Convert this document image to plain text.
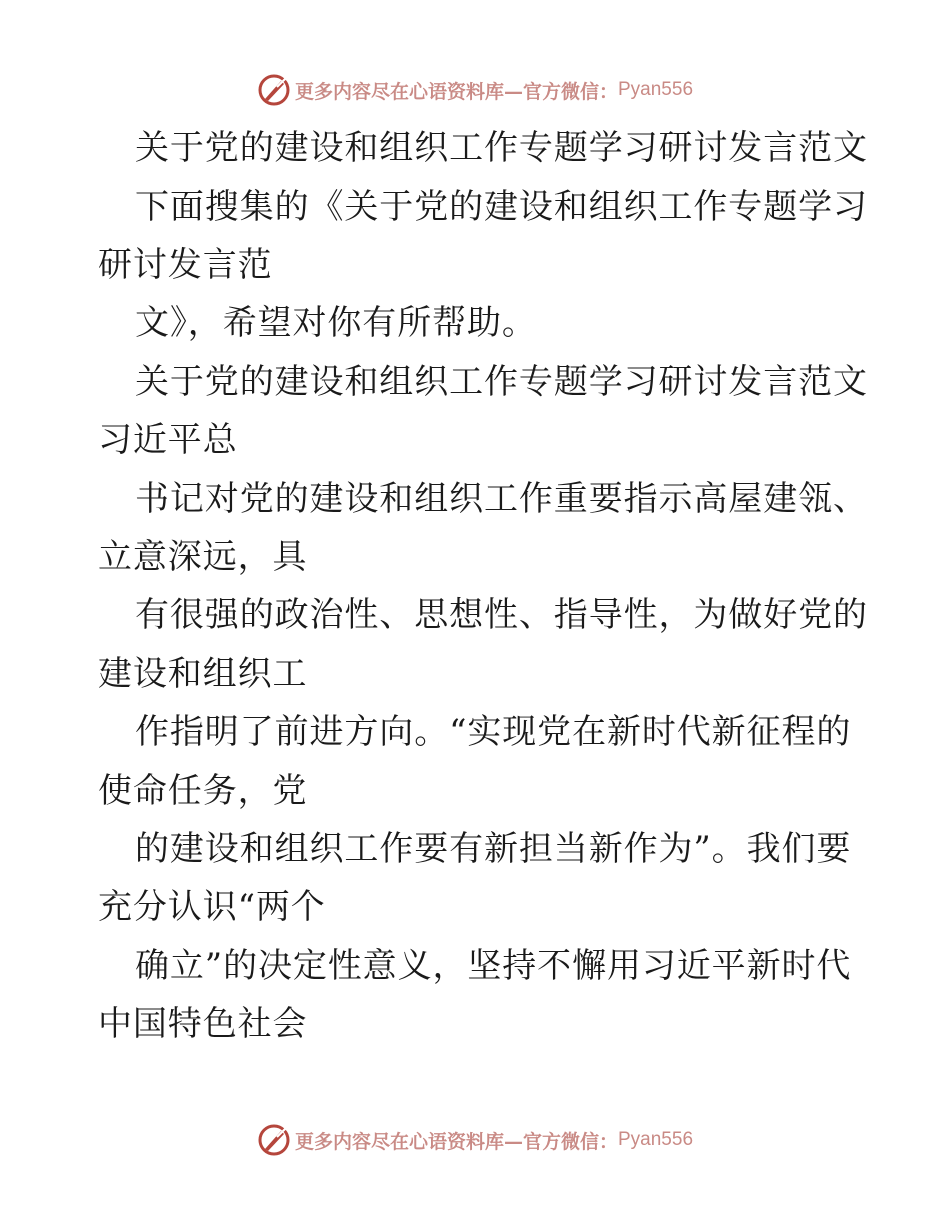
更多内容尽在心语资料库—官方微信： Pyan556
关于党的建设和组织工作专题学习研讨发言范文
下面搜集的《关于党的建设和组织工作专题学习
研讨发言范
文》，希望对你有所帮助。
关于党的建设和组织工作专题学习研讨发言范文
习近平总
书记对党的建设和组织工作重要指示高屋建瓴、
立意深远，具
有很强的政治性、思想性、指导性，为做好党的
建设和组织工
作指明了前进方向。“实现党在新时代新征程的
使命任务，党
的建设和组织工作要有新担当新作为”。我们要
充分认识“两个
确立”的决定性意义，坚持不懈用习近平新时代
中国特色社会
更多内容尽在心语资料库—官方微信： Pyan556
